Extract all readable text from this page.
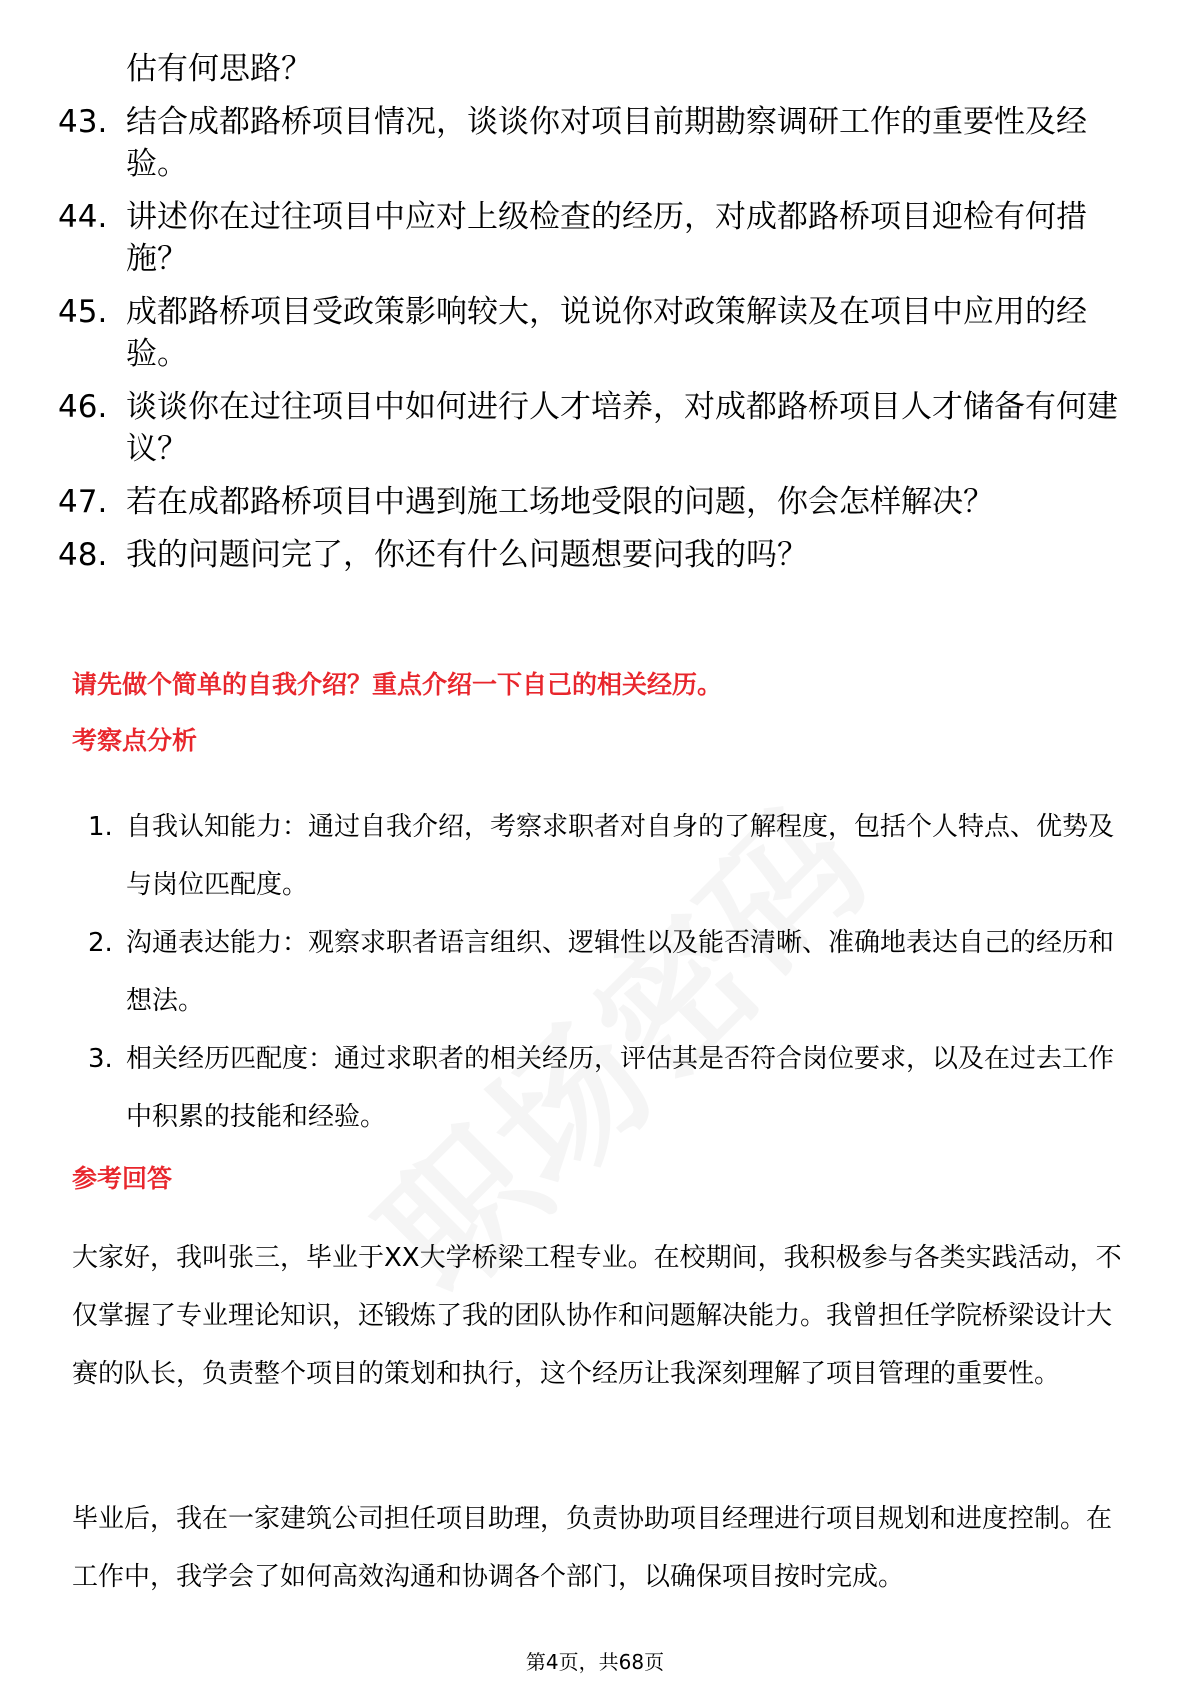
估有何思路？
43. 结合成都路桥项目情况，谈谈你对项目前期勘察调研工作的重要性及经验。
44. 讲述你在过往项目中应对上级检查的经历，对成都路桥项目迎检有何措施？
45. 成都路桥项目受政策影响较大，说说你对政策解读及在项目中应用的经验。
46. 谈谈你在过往项目中如何进行人才培养，对成都路桥项目人才储备有何建议？
47. 若在成都路桥项目中遇到施工场地受限的问题，你会怎样解决？
48. 我的问题问完了，你还有什么问题想要问我的吗？
请先做个简单的自我介绍？重点介绍一下自己的相关经历。
考察点分析
1. 自我认知能力：通过自我介绍，考察求职者对自身的了解程度，包括个人特点、优势及与岗位匹配度。
2. 沟通表达能力：观察求职者语言组织、逻辑性以及能否清晰、准确地表达自己的经历和想法。
3. 相关经历匹配度：通过求职者的相关经历，评估其是否符合岗位要求，以及在过去工作中积累的技能和经验。
参考回答

大家好，我叫张三，毕业于XX大学桥梁工程专业。在校期间，我积极参与各类实践活动，不仅掌握了专业理论知识，还锻炼了我的团队协作和问题解决能力。我曾担任学院桥梁设计大赛的队长，负责整个项目的策划和执行，这个经历让我深刻理解了项目管理的重要性。

毕业后，我在一家建筑公司担任项目助理，负责协助项目经理进行项目规划和进度控制。在工作中，我学会了如何高效沟通和协调各个部门，以确保项目按时完成。

第4页，共68页
